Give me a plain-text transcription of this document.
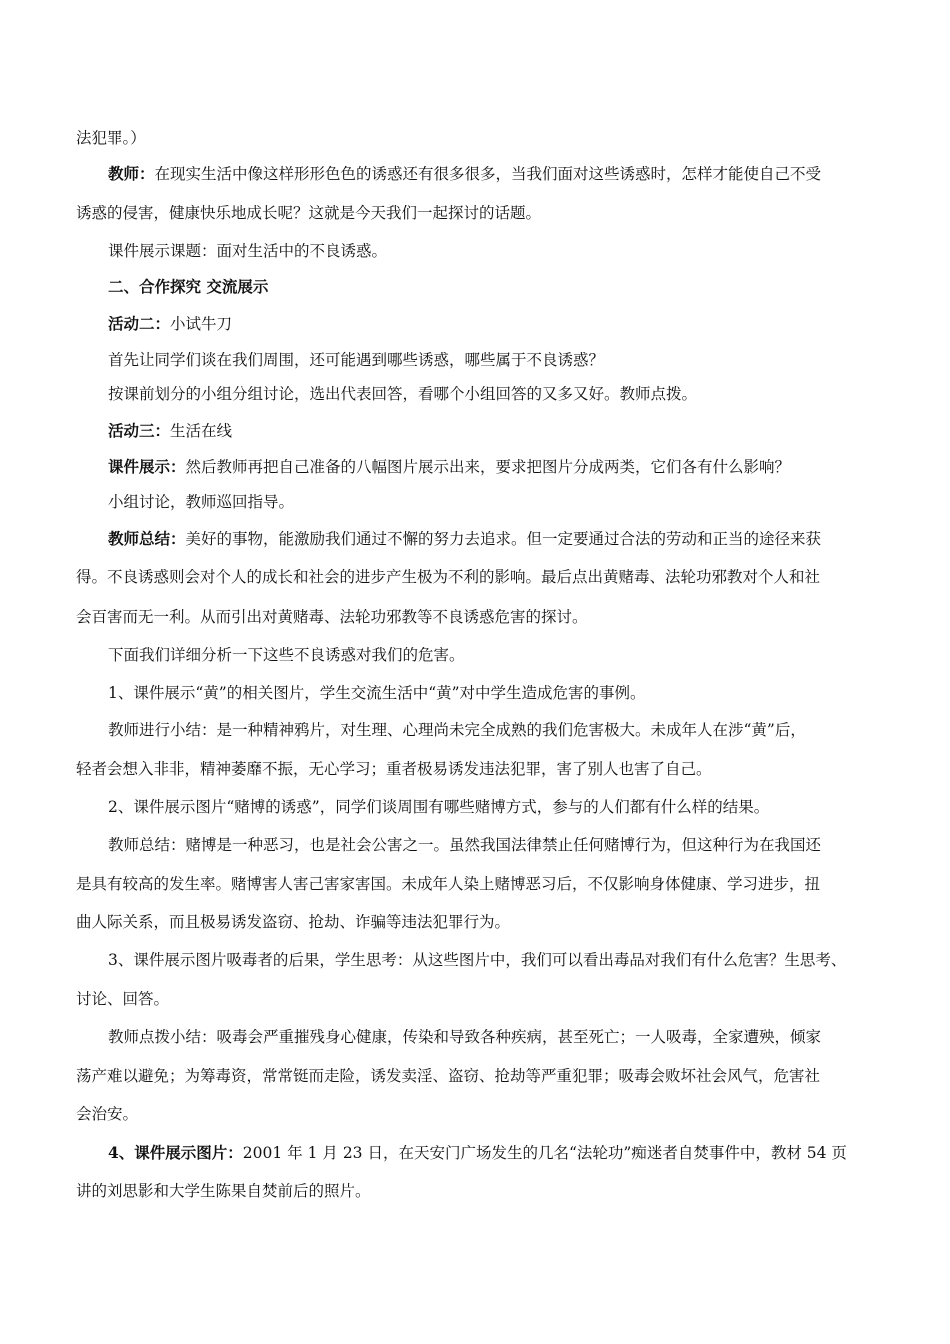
法犯罪。）
教师：在现实生活中像这样形形色色的诱惑还有很多很多，当我们面对这些诱惑时，怎样才能使自己不受
诱惑的侵害，健康快乐地成长呢？这就是今天我们一起探讨的话题。
课件展示课题：面对生活中的不良诱惑。
二、合作探究 交流展示
活动二：小试牛刀
首先让同学们谈在我们周围，还可能遇到哪些诱惑，哪些属于不良诱惑？
按课前划分的小组分组讨论，选出代表回答，看哪个小组回答的又多又好。教师点拨。
活动三：生活在线
课件展示：然后教师再把自己准备的八幅图片展示出来，要求把图片分成两类，它们各有什么影响？
小组讨论，教师巡回指导。
教师总结：美好的事物，能激励我们通过不懈的努力去追求。但一定要通过合法的劳动和正当的途径来获
得。不良诱惑则会对个人的成长和社会的进步产生极为不利的影响。最后点出黄赌毒、法轮功邪教对个人和社
会百害而无一利。从而引出对黄赌毒、法轮功邪教等不良诱惑危害的探讨。
下面我们详细分析一下这些不良诱惑对我们的危害。
1、课件展示“黄”的相关图片，学生交流生活中“黄”对中学生造成危害的事例。
教师进行小结：是一种精神鸦片，对生理、心理尚未完全成熟的我们危害极大。未成年人在涉“黄”后，
轻者会想入非非，精神萎靡不振，无心学习；重者极易诱发违法犯罪，害了别人也害了自己。
2、课件展示图片“赌博的诱惑”，同学们谈周围有哪些赌博方式，参与的人们都有什么样的结果。
教师总结：赌博是一种恶习，也是社会公害之一。虽然我国法律禁止任何赌博行为，但这种行为在我国还
是具有较高的发生率。赌博害人害己害家害国。未成年人染上赌博恶习后，不仅影响身体健康、学习进步，扭
曲人际关系，而且极易诱发盗窃、抢劫、诈骗等违法犯罪行为。
3、课件展示图片吸毒者的后果，学生思考：从这些图片中，我们可以看出毒品对我们有什么危害？生思考、
讨论、回答。
教师点拨小结：吸毒会严重摧残身心健康，传染和导致各种疾病，甚至死亡；一人吸毒，全家遭殃，倾家
荡产难以避免；为筹毒资，常常铤而走险，诱发卖淫、盗窃、抢劫等严重犯罪；吸毒会败坏社会风气，危害社
会治安。
4、课件展示图片：2001 年 1 月 23 日，在天安门广场发生的几名“法轮功”痴迷者自焚事件中，教材 54 页
讲的刘思影和大学生陈果自焚前后的照片。
